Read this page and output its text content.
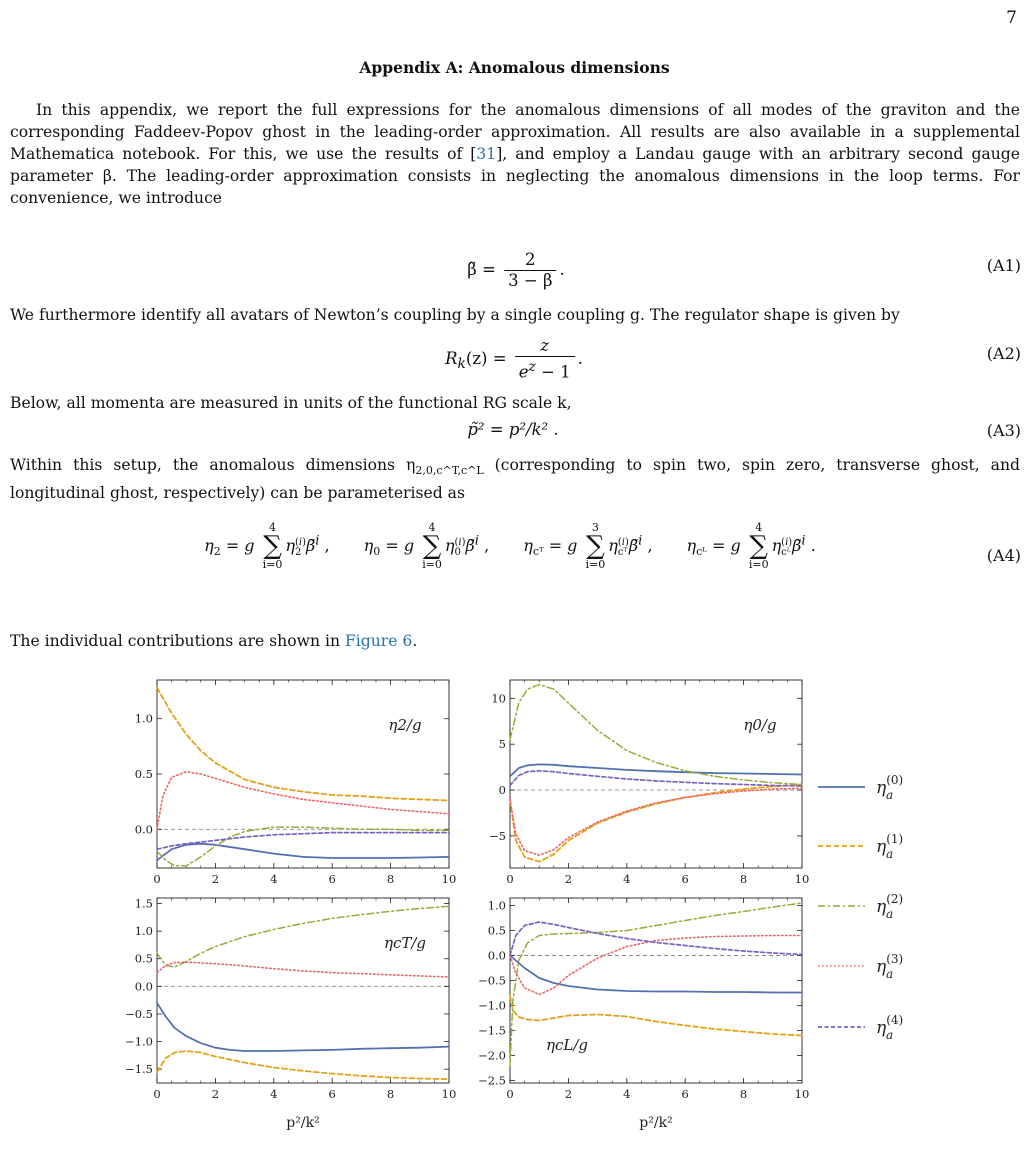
7
Appendix A: Anomalous dimensions

In this appendix, we report the full expressions for the anomalous dimensions of all modes of the graviton and the corresponding Faddeev-Popov ghost in the leading-order approximation. All results are also available in a supplemental Mathematica notebook. For this, we use the results of [31], and employ a Landau gauge with an arbitrary second gauge parameter β. The leading-order approximation consists in neglecting the anomalous dimensions in the loop terms. For convenience, we introduce

β̃ = $\frac{2}{3 - \beta}$ .	(A1)

We furthermore identify all avatars of Newton’s coupling by a single coupling g. The regulator shape is given by

$R_k(z) = \frac{z}{e^z - 1}$ .	(A2)

Below, all momenta are measured in units of the functional RG scale k,

p̃² = p²/k² .	(A3)

Within this setup, the anomalous dimensions $\eta_{2,0,c\^{}T,c\^{}L}$ (corresponding to spin two, spin zero, transverse ghost, and longitudinal ghost, respectively) can be parameterised as

$\eta_2 = g$
4
∑
i=0
η (i)
2 β̃$^i$ , $\eta_0 = g$
4
∑
i=0
η (i)
0 β̃$^i$ , $\eta_{cᵀ} = g$
3
∑
i=0
η (i)
cᵀ β̃$^i$ , $\eta_{cᴸ} = g$
4
∑
i=0
η (i)
cᴸ β̃$^i$ .
(A4)

The individual contributions are shown in Figure 6.

0	2	4	6	8	10
0.0
0.5
1.0	η2/g
0	2	4	6	8	10
−5
0
5
10
η0/g
0	2	4	6	8	10
−1.5
−1.0
−0.5
0.0
0.5
1.0
1.5
ηcT/g
p²/k²
0	2	4	6	8	10
−2.5
−2.0
−1.5
−1.0
−0.5
0.0
0.5
1.0
ηcL/g
p²/k²
$\eta^{(0)}$ a
$\eta^{(1)}$ a
$\eta^{(2)}$ a
$\eta^{(3)}$ a
$\eta^{(4)}$ a
